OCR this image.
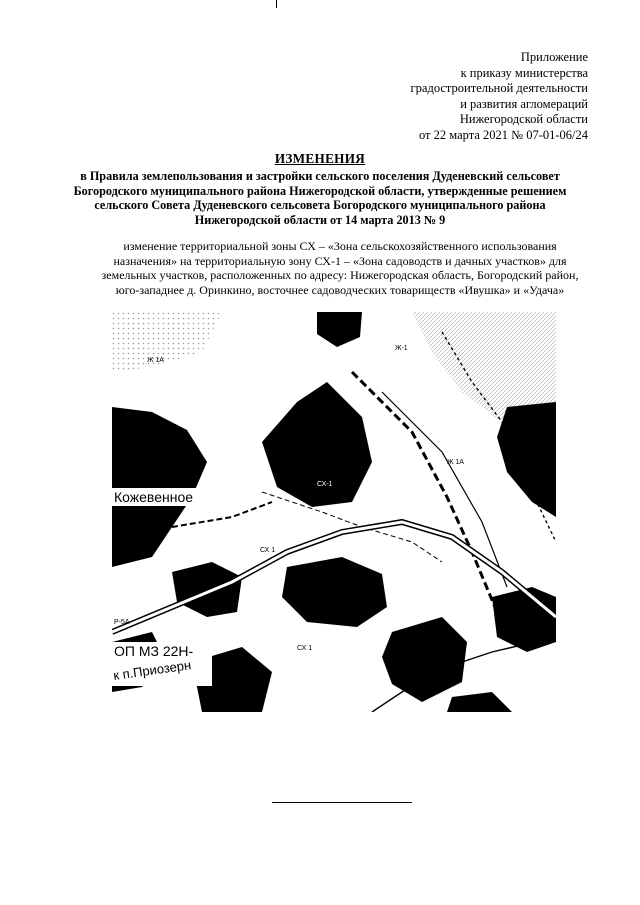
Приложение
к приказу министерства
градостроительной деятельности
и развития агломераций
Нижегородской области
от 22 марта 2021 № 07-01-06/24
ИЗМЕНЕНИЯ
в Правила землепользования и застройки сельского поселения Дуденевский сельсовет
Богородского муниципального района Нижегородской области, утвержденные решением
сельского Совета Дуденевского сельсовета Богородского муниципального района
Нижегородской области от 14 марта 2013 № 9
изменение территориальной зоны СХ – «Зона сельскохозяйственного использования
назначения» на территориальную зону СХ-1 – «Зона садоводств и дачных участков» для
земельных участков, расположенных по адресу: Нижегородская область, Богородский район,
юго-западнее д. Оринкино, восточнее садоводческих товариществ «Ивушка» и «Удача»
Кожевенное
ОП МЗ 22Н-
к п.Приозерн
Ж-1
Ж 1А
Ж 1А
СХ-1
СХ 1
СХ 1
Р-5А
БФ
